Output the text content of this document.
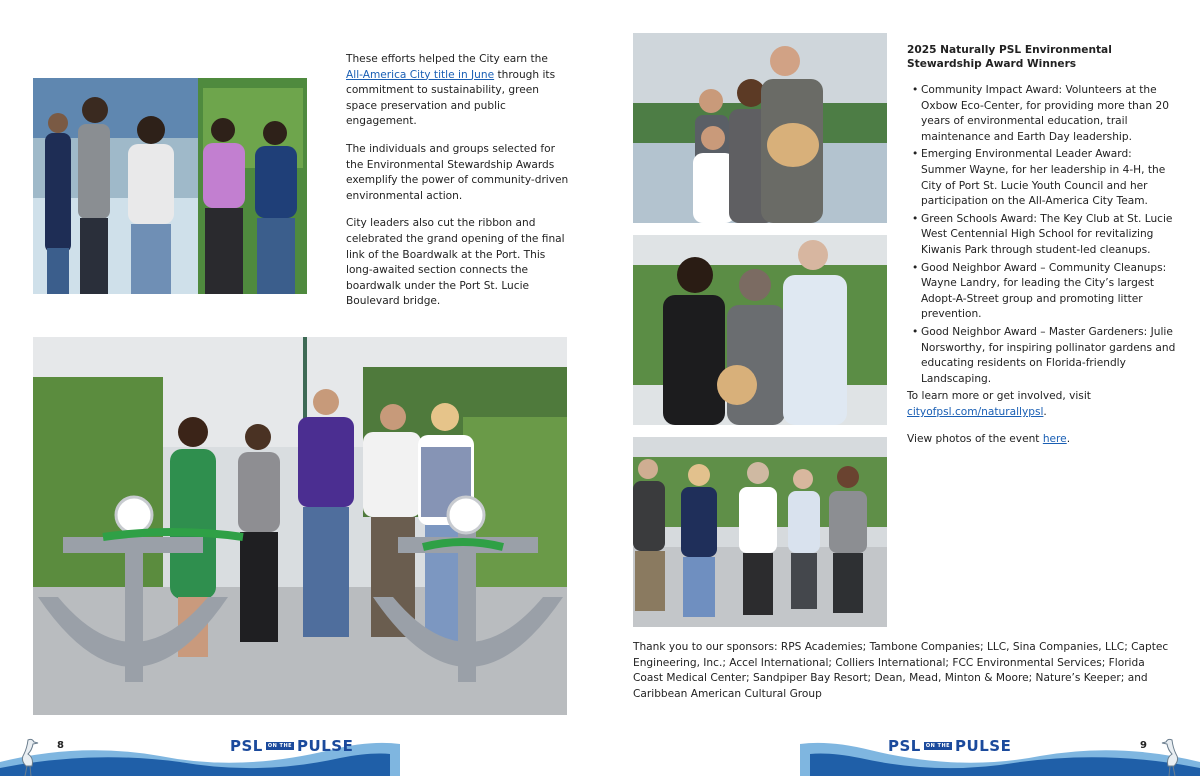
These efforts helped the City earn the
All-America City title in June through its commitment to sustainability, green space preservation and public engagement.

The individuals and groups selected for the Environmental Stewardship Awards exemplify the power of community-driven environmental action.

City leaders also cut the ribbon and celebrated the grand opening of the final link of the Boardwalk at the Port. This long-awaited section connects the boardwalk under the Port St. Lucie Boulevard bridge.

8	PSL	ON THE PULSE
2025 Naturally PSL Environmental Stewardship Award Winners
• Community Impact Award: Volunteers at the Oxbow Eco-Center, for providing more than 20 years of environmental education, trail maintenance and Earth Day leadership.
• Emerging Environmental Leader Award: Summer Wayne, for her leadership in 4-H, the City of Port St. Lucie Youth Council and her participation on the All-America City Team.
• Green Schools Award: The Key Club at St. Lucie West Centennial High School for revitalizing Kiwanis Park through student-led cleanups.
• Good Neighbor Award – Community Cleanups: Wayne Landry, for leading the City’s largest Adopt-A-Street group and promoting litter prevention.
• Good Neighbor Award – Master Gardeners: Julie Norsworthy, for inspiring pollinator gardens and educating residents on Florida-friendly Landscaping.

To learn more or get involved, visit cityofpsl.com/naturallypsl.

View photos of the event here.

Thank you to our sponsors: RPS Academies; Tambone Companies; LLC, Sina Companies, LLC; Captec Engineering, Inc.; Accel International; Colliers International; FCC Environmental Services; Florida Coast Medical Center; Sandpiper Bay Resort; Dean, Mead, Minton & Moore; Nature’s Keeper; and Caribbean American Cultural Group
PSL	ON THE PULSE	9
